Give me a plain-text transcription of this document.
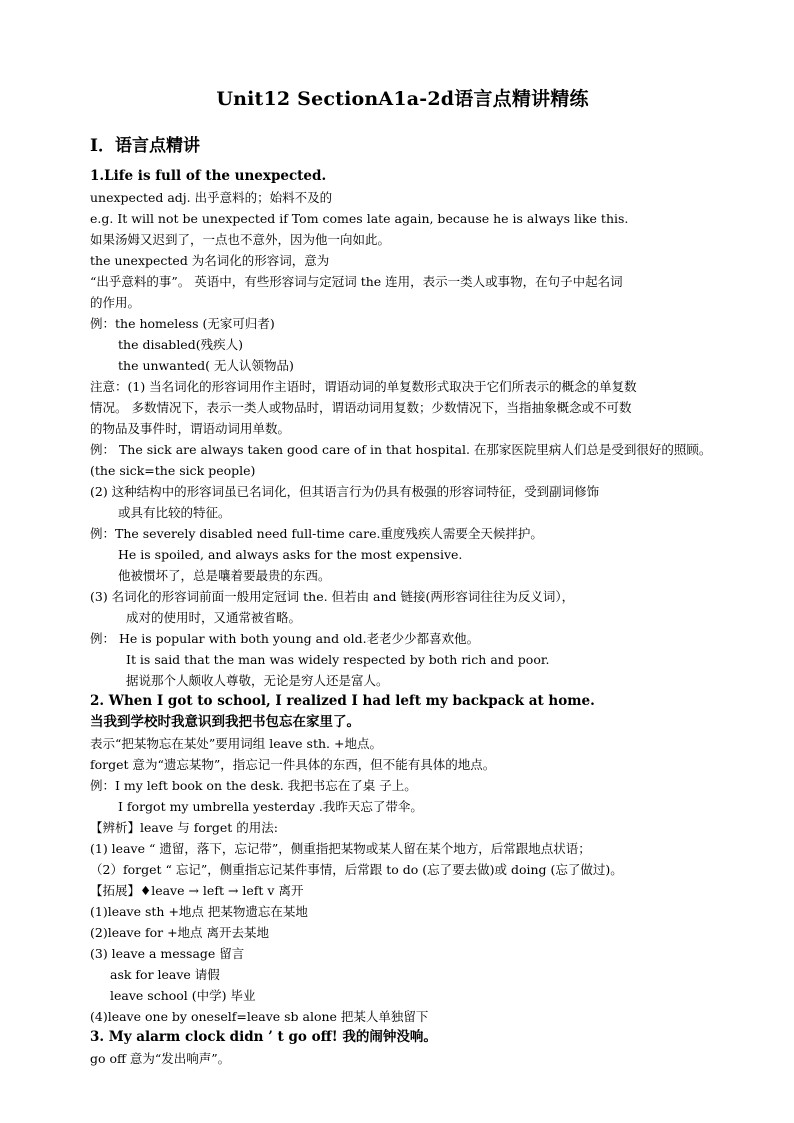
Unit12 SectionA1a-2d语言点精讲精练
I．语言点精讲
1.Life is full of the unexpected.
unexpected adj. 出乎意料的；始料不及的
e.g. It will not be unexpected if Tom comes late again, because he is always like this.
如果汤姆又迟到了，一点也不意外，因为他一向如此。
the unexpected 为名词化的形容词，意为
“出乎意料的事”。 英语中，有些形容词与定冠词 the 连用，表示一类人或事物，在句子中起名词
的作用。
例：the homeless (无家可归者)
the disabled(残疾人)
the unwanted( 无人认领物品)
注意：(1) 当名词化的形容词用作主语时，谓语动词的单复数形式取决于它们所表示的概念的单复数
情况。 多数情况下，表示一类人或物品时，谓语动词用复数；少数情况下，当指抽象概念或不可数
的物品及事件时，谓语动词用单数。
例： The sick are always taken good care of in that hospital. 在那家医院里病人们总是受到很好的照顾。
(the sick=the sick people)
(2) 这种结构中的形容词虽已名词化，但其语言行为仍具有极强的形容词特征，受到副词修饰
或具有比较的特征。
例：The severely disabled need full-time care.重度残疾人需要全天候拌护。
He is spoiled, and always asks for the most expensive.
他被惯坏了，总是嚷着要最贵的东西。
(3) 名词化的形容词前面一般用定冠词 the. 但若由 and 链接(两形容词往往为反义词），
成对的使用时，又通常被省略。
例： He is popular with both young and old.老老少少都喜欢他。
It is said that the man was widely respected by both rich and poor.
据说那个人颇收人尊敬，无论是穷人还是富人。
2. When I got to school, I realized I had left my backpack at home.
当我到学校时我意识到我把书包忘在家里了。
表示“把某物忘在某处”要用词组 leave sth. +地点。
forget 意为“遗忘某物”，指忘记一件具体的东西，但不能有具体的地点。
例：I my left book on the desk. 我把书忘在了桌 子上。
I forgot my umbrella yesterday .我昨天忘了带伞。
【辨析】leave 与 forget 的用法:
(1) leave “ 遗留，落下，忘记带”，侧重指把某物或某人留在某个地方，后常跟地点状语；
（2）forget “ 忘记”，侧重指忘记某件事情，后常跟 to do (忘了要去做)或 doing (忘了做过)。
【拓展】♦leave → left → left v 离开
(1)leave sth +地点 把某物遗忘在某地
(2)leave for +地点 离开去某地
(3) leave a message 留言
ask for leave 请假
leave school (中学) 毕业
(4)leave one by oneself=leave sb alone 把某人单独留下
3. My alarm clock didn ’ t go off! 我的闹钟没响。
go off 意为“发出响声”。
